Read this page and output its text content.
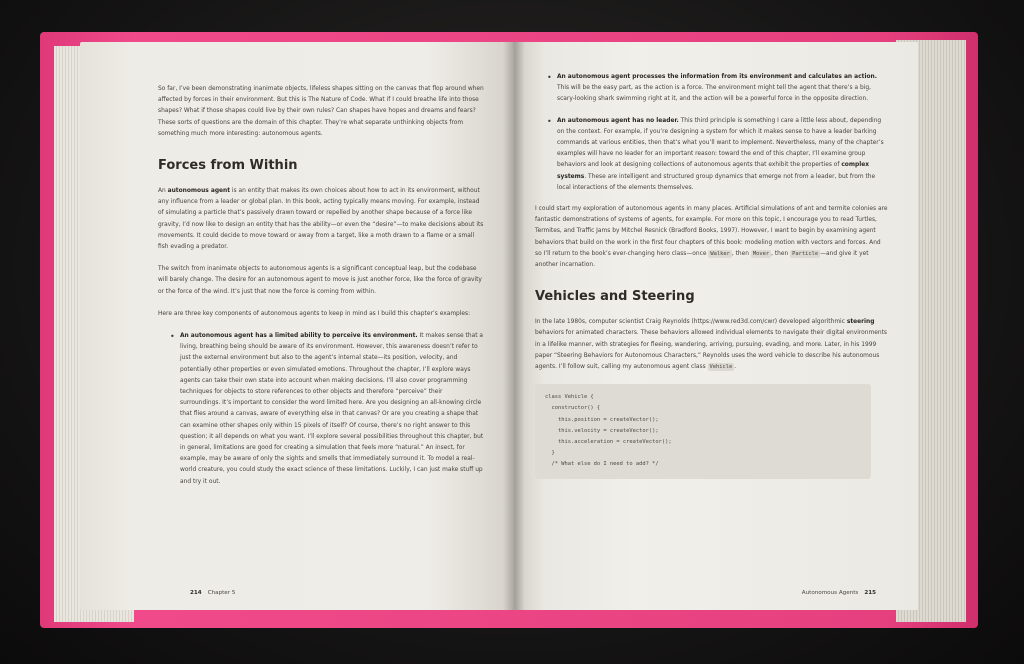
So far, I’ve been demonstrating inanimate objects, lifeless shapes sitting on the canvas that flop around when affected by forces in their environment. But this is The Nature of Code. What if I could breathe life into those shapes? What if those shapes could live by their own rules? Can shapes have hopes and dreams and fears? These sorts of questions are the domain of this chapter. They’re what separate unthinking objects from something much more interesting: autonomous agents.

Forces from Within

An autonomous agent is an entity that makes its own choices about how to act in its environment, without any influence from a leader or global plan. In this book, acting typically means moving. For example, instead of simulating a particle that’s passively drawn toward or repelled by another shape because of a force like gravity, I’d now like to design an entity that has the ability—or even the “desire”—to make decisions about its movements. It could decide to move toward or away from a target, like a moth drawn to a flame or a small fish evading a predator.

The switch from inanimate objects to autonomous agents is a significant conceptual leap, but the codebase will barely change. The desire for an autonomous agent to move is just another force, like the force of gravity or the force of the wind. It’s just that now the force is coming from within.

Here are three key components of autonomous agents to keep in mind as I build this chapter’s examples:

• An autonomous agent has a limited ability to perceive its environment. It makes sense that a living, breathing being should be aware of its environment. However, this awareness doesn’t refer to just the external environment but also to the agent’s internal state—its position, velocity, and potentially other properties or even simulated emotions. Throughout the chapter, I’ll explore ways agents can take their own state into account when making decisions. I’ll also cover programming techniques for objects to store references to other objects and therefore “perceive” their surroundings. It’s important to consider the word limited here. Are you designing an all-knowing circle that flies around a canvas, aware of everything else in that canvas? Or are you creating a shape that can examine other shapes only within 15 pixels of itself? Of course, there’s no right answer to this question; it all depends on what you want. I’ll explore several possibilities throughout this chapter, but in general, limitations are good for creating a simulation that feels more “natural.” An insect, for example, may be aware of only the sights and smells that immediately surround it. To model a real-world creature, you could study the exact science of these limitations. Luckily, I can just make stuff up and try it out.
214 Chapter 5
• An autonomous agent processes the information from its environment and calculates an action. This will be the easy part, as the action is a force. The environment might tell the agent that there’s a big, scary-looking shark swimming right at it, and the action will be a powerful force in the opposite direction.
• An autonomous agent has no leader. This third principle is something I care a little less about, depending on the context. For example, if you’re designing a system for which it makes sense to have a leader barking commands at various entities, then that’s what you’ll want to implement. Nevertheless, many of the chapter’s examples will have no leader for an important reason: toward the end of this chapter, I’ll examine group behaviors and look at designing collections of autonomous agents that exhibit the properties of complex systems. These are intelligent and structured group dynamics that emerge not from a leader, but from the local interactions of the elements themselves.

I could start my exploration of autonomous agents in many places. Artificial simulations of ant and termite colonies are fantastic demonstrations of systems of agents, for example. For more on this topic, I encourage you to read Turtles, Termites, and Traffic Jams by Mitchel Resnick (Bradford Books, 1997). However, I want to begin by examining agent behaviors that build on the work in the first four chapters of this book: modeling motion with vectors and forces. And so I’ll return to the book’s ever-changing hero class—once Walker , then Mover , then Particle —and give it yet another incarnation.

Vehicles and Steering

In the late 1980s, computer scientist Craig Reynolds (https://www.red3d.com/cwr) developed algorithmic steering behaviors for animated characters. These behaviors allowed individual elements to navigate their digital environments in a lifelike manner, with strategies for fleeing, wandering, arriving, pursuing, evading, and more. Later, in his 1999 paper “Steering Behaviors for Autonomous Characters,” Reynolds uses the word vehicle to describe his autonomous agents. I’ll follow suit, calling my autonomous agent class Vehicle .

class Vehicle {
constructor() {
this.position = createVector();
this.velocity = createVector();
this.acceleration = createVector();
}
/* What else do I need to add? */
Autonomous Agents 215
